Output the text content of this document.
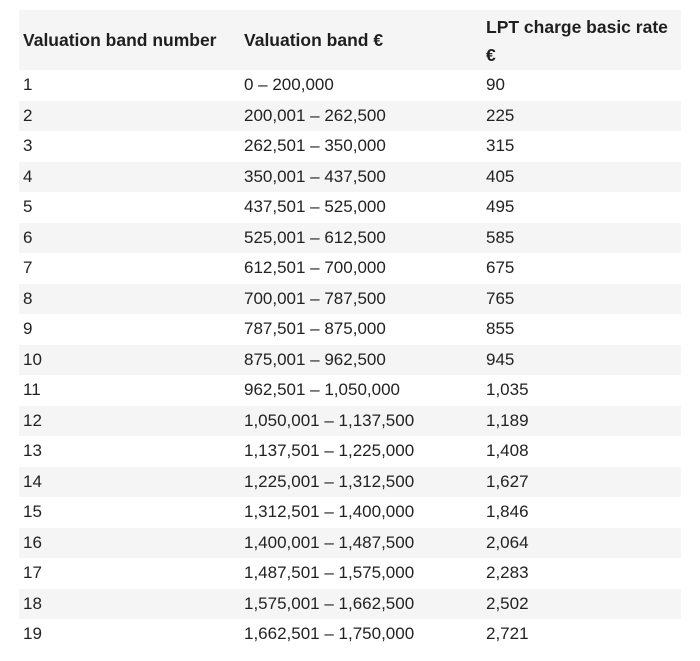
Valuation band number	Valuation band €	LPT charge basic rate €
1	0 – 200,000	90
2	200,001 – 262,500	225
3	262,501 – 350,000	315
4	350,001 – 437,500	405
5	437,501 – 525,000	495
6	525,001 – 612,500	585
7	612,501 – 700,000	675
8	700,001 – 787,500	765
9	787,501 – 875,000	855
10	875,001 – 962,500	945
11	962,501 – 1,050,000	1,035
12	1,050,001 – 1,137,500	1,189
13	1,137,501 – 1,225,000	1,408
14	1,225,001 – 1,312,500	1,627
15	1,312,501 – 1,400,000	1,846
16	1,400,001 – 1,487,500	2,064
17	1,487,501 – 1,575,000	2,283
18	1,575,001 – 1,662,500	2,502
19	1,662,501 – 1,750,000	2,721
